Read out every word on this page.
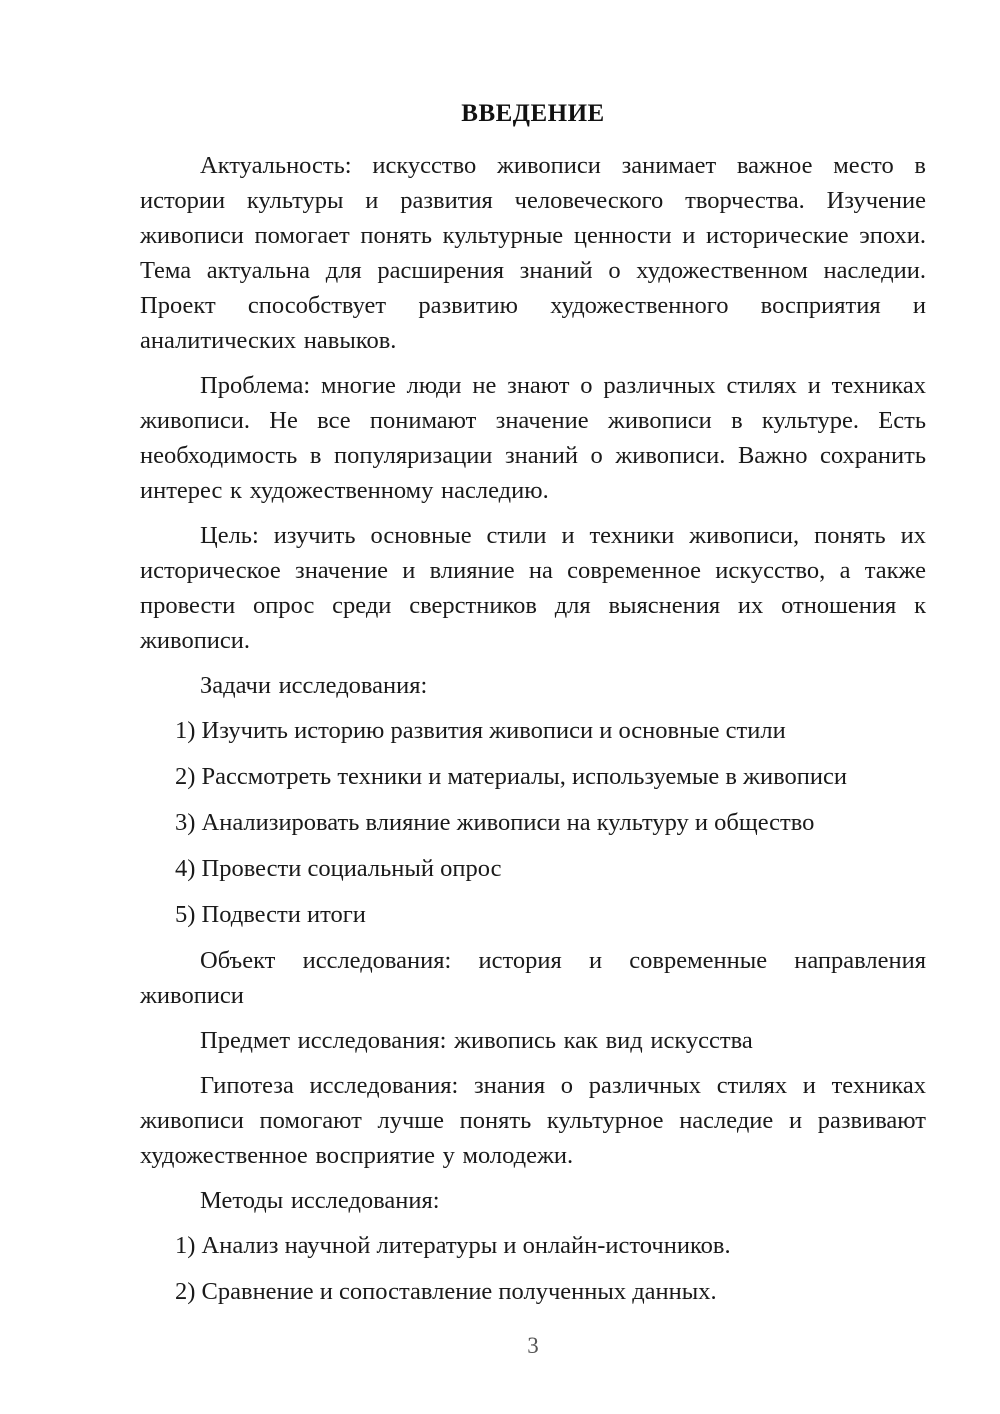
ВВЕДЕНИЕ

Актуальность: искусство живописи занимает важное место в истории культуры и развития человеческого творчества. Изучение живописи помогает понять культурные ценности и исторические эпохи. Тема актуальна для расширения знаний о художественном наследии. Проект способствует развитию художественного восприятия и аналитических навыков.

Проблема: многие люди не знают о различных стилях и техниках живописи. Не все понимают значение живописи в культуре. Есть необходимость в популяризации знаний о живописи. Важно сохранить интерес к художественному наследию.

Цель: изучить основные стили и техники живописи, понять их историческое значение и влияние на современное искусство, а также провести опрос среди сверстников для выяснения их отношения к живописи.

Задачи исследования:

1) Изучить историю развития живописи и основные стили
2) Рассмотреть техники и материалы, используемые в живописи
3) Анализировать влияние живописи на культуру и общество
4) Провести социальный опрос
5) Подвести итоги

Объект исследования: история и современные направления живописи

Предмет исследования: живопись как вид искусства

Гипотеза исследования: знания о различных стилях и техниках живописи помогают лучше понять культурное наследие и развивают художественное восприятие у молодежи.

Методы исследования:

1) Анализ научной литературы и онлайн-источников.
2) Сравнение и сопоставление полученных данных.
3
